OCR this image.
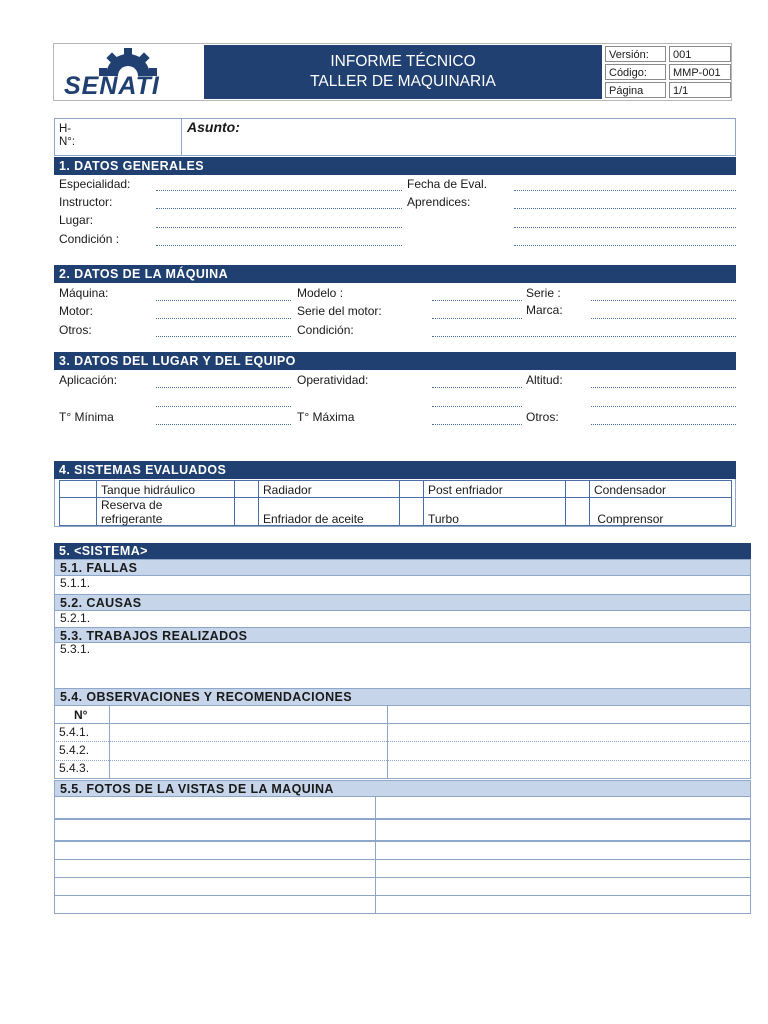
SENATI
INFORME TÉCNICO
TALLER DE MAQUINARIA
Versión:	001
Código:	MMP-001
Página	1/1
H-
N°:
Asunto:
1. DATOS GENERALES
Especialidad:
Instructor:
Lugar:
Condición :
Fecha de Eval.
Aprendices:
2. DATOS DE LA MÁQUINA
Máquina:
Motor:
Otros:
Modelo :
Serie del motor:
Condición:
Serie :
Marca:
3. DATOS DEL LUGAR Y DEL EQUIPO
Aplicación:
T° Mínima
Operatividad:
T° Máxima
Altitud:
Otros:
4. SISTEMAS EVALUADOS
Tanque hidráulico	Radiador	Post enfriador	Condensador
Reserva de
refrigerante	Enfriador de aceite	Turbo	Comprensor
5. <SISTEMA>
5.1. FALLAS
5.1.1.
5.2. CAUSAS
5.2.1.
5.3. TRABAJOS REALIZADOS
5.3.1.
5.4. OBSERVACIONES Y RECOMENDACIONES
N°
5.4.1.
5.4.2.
5.4.3.
5.5. FOTOS DE LA VISTAS DE LA MAQUINA
